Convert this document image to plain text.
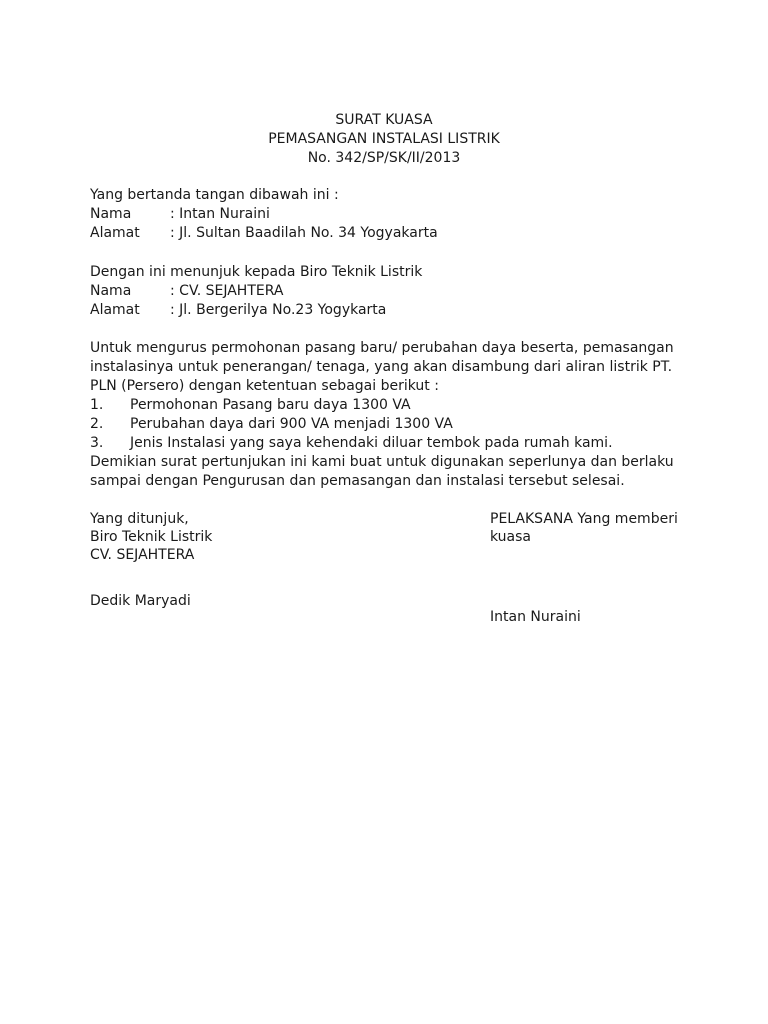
SURAT KUASA
PEMASANGAN INSTALASI LISTRIK
No. 342/SP/SK/II/2013
Yang bertanda tangan dibawah ini :
Nama	: Intan Nuraini
Alamat	: Jl. Sultan Baadilah No. 34 Yogyakarta
Dengan ini menunjuk kepada Biro Teknik Listrik
Nama	: CV. SEJAHTERA
Alamat	: Jl. Bergerilya No.23 Yogykarta

Untuk mengurus permohonan pasang baru/ perubahan daya beserta, pemasangan

instalasinya untuk penerangan/ tenaga, yang akan disambung dari aliran listrik PT.

PLN (Persero) dengan ketentuan sebagai berikut :

1.	Permohonan Pasang baru daya 1300 VA
2.	Perubahan daya dari 900 VA menjadi 1300 VA
3.	Jenis Instalasi yang saya kehendaki diluar tembok pada rumah kami.

Demikian surat pertunjukan ini kami buat untuk digunakan seperlunya dan berlaku

sampai dengan Pengurusan dan pemasangan dan instalasi tersebut selesai.

Yang ditunjuk,
Biro Teknik Listrik
CV. SEJAHTERA
PELAKSANA Yang memberi
kuasa
Dedik Maryadi
Intan Nuraini
